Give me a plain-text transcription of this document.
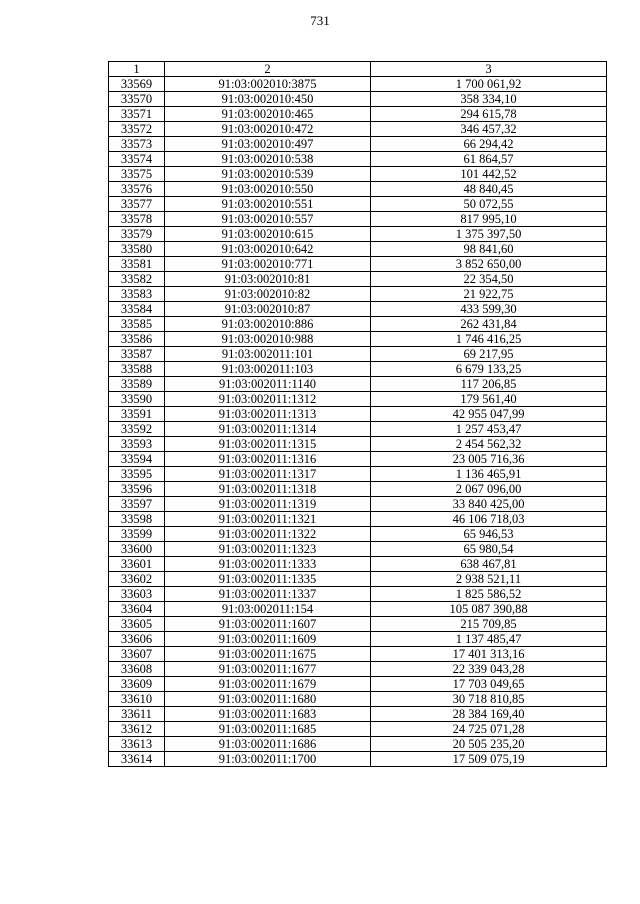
731
1	2	3
33569	91:03:002010:3875	1 700 061,92
33570	91:03:002010:450	358 334,10
33571	91:03:002010:465	294 615,78
33572	91:03:002010:472	346 457,32
33573	91:03:002010:497	66 294,42
33574	91:03:002010:538	61 864,57
33575	91:03:002010:539	101 442,52
33576	91:03:002010:550	48 840,45
33577	91:03:002010:551	50 072,55
33578	91:03:002010:557	817 995,10
33579	91:03:002010:615	1 375 397,50
33580	91:03:002010:642	98 841,60
33581	91:03:002010:771	3 852 650,00
33582	91:03:002010:81	22 354,50
33583	91:03:002010:82	21 922,75
33584	91:03:002010:87	433 599,30
33585	91:03:002010:886	262 431,84
33586	91:03:002010:988	1 746 416,25
33587	91:03:002011:101	69 217,95
33588	91:03:002011:103	6 679 133,25
33589	91:03:002011:1140	117 206,85
33590	91:03:002011:1312	179 561,40
33591	91:03:002011:1313	42 955 047,99
33592	91:03:002011:1314	1 257 453,47
33593	91:03:002011:1315	2 454 562,32
33594	91:03:002011:1316	23 005 716,36
33595	91:03:002011:1317	1 136 465,91
33596	91:03:002011:1318	2 067 096,00
33597	91:03:002011:1319	33 840 425,00
33598	91:03:002011:1321	46 106 718,03
33599	91:03:002011:1322	65 946,53
33600	91:03:002011:1323	65 980,54
33601	91:03:002011:1333	638 467,81
33602	91:03:002011:1335	2 938 521,11
33603	91:03:002011:1337	1 825 586,52
33604	91:03:002011:154	105 087 390,88
33605	91:03:002011:1607	215 709,85
33606	91:03:002011:1609	1 137 485,47
33607	91:03:002011:1675	17 401 313,16
33608	91:03:002011:1677	22 339 043,28
33609	91:03:002011:1679	17 703 049,65
33610	91:03:002011:1680	30 718 810,85
33611	91:03:002011:1683	28 384 169,40
33612	91:03:002011:1685	24 725 071,28
33613	91:03:002011:1686	20 505 235,20
33614	91:03:002011:1700	17 509 075,19
